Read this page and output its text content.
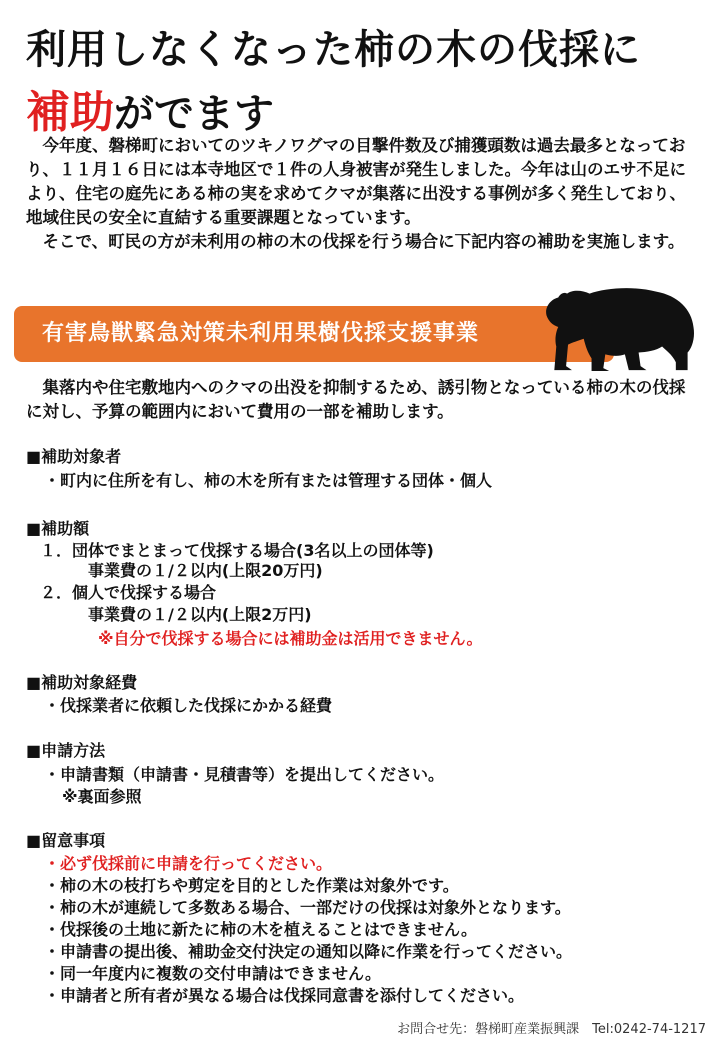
利用しなくなった柿の木の伐採に
補助がでます

今年度、磐梯町においてのツキノワグマの目撃件数及び捕獲頭数は過去最多となっており、１１月１６日には本寺地区で１件の人身被害が発生しました。今年は山のエサ不足により、住宅の庭先にある柿の実を求めてクマが集落に出没する事例が多く発生しており、地域住民の安全に直結する重要課題となっています。

そこで、町民の方が未利用の柿の木の伐採を行う場合に下記内容の補助を実施します。

有害鳥獣緊急対策未利用果樹伐採支援事業

集落内や住宅敷地内へのクマの出没を抑制するため、誘引物となっている柿の木の伐採に対し、予算の範囲内において費用の一部を補助します。

■補助対象者
・町内に住所を有し、柿の木を所有または管理する団体・個人
■補助額
１．団体でまとまって伐採する場合(3名以上の団体等)
事業費の１/２以内(上限20万円)
２．個人で伐採する場合
事業費の１/２以内(上限2万円)
※自分で伐採する場合には補助金は活用できません。
■補助対象経費
・伐採業者に依頼した伐採にかかる経費
■申請方法
・申請書類（申請書・見積書等）を提出してください。
※裏面参照
■留意事項
・必ず伐採前に申請を行ってください。
・柿の木の枝打ちや剪定を目的とした作業は対象外です。
・柿の木が連続して多数ある場合、一部だけの伐採は対象外となります。
・伐採後の土地に新たに柿の木を植えることはできません。
・申請書の提出後、補助金交付決定の通知以降に作業を行ってください。
・同一年度内に複数の交付申請はできません。
・申請者と所有者が異なる場合は伐採同意書を添付してください。
お問合せ先：磐梯町産業振興課　Tel:0242-74-1217
